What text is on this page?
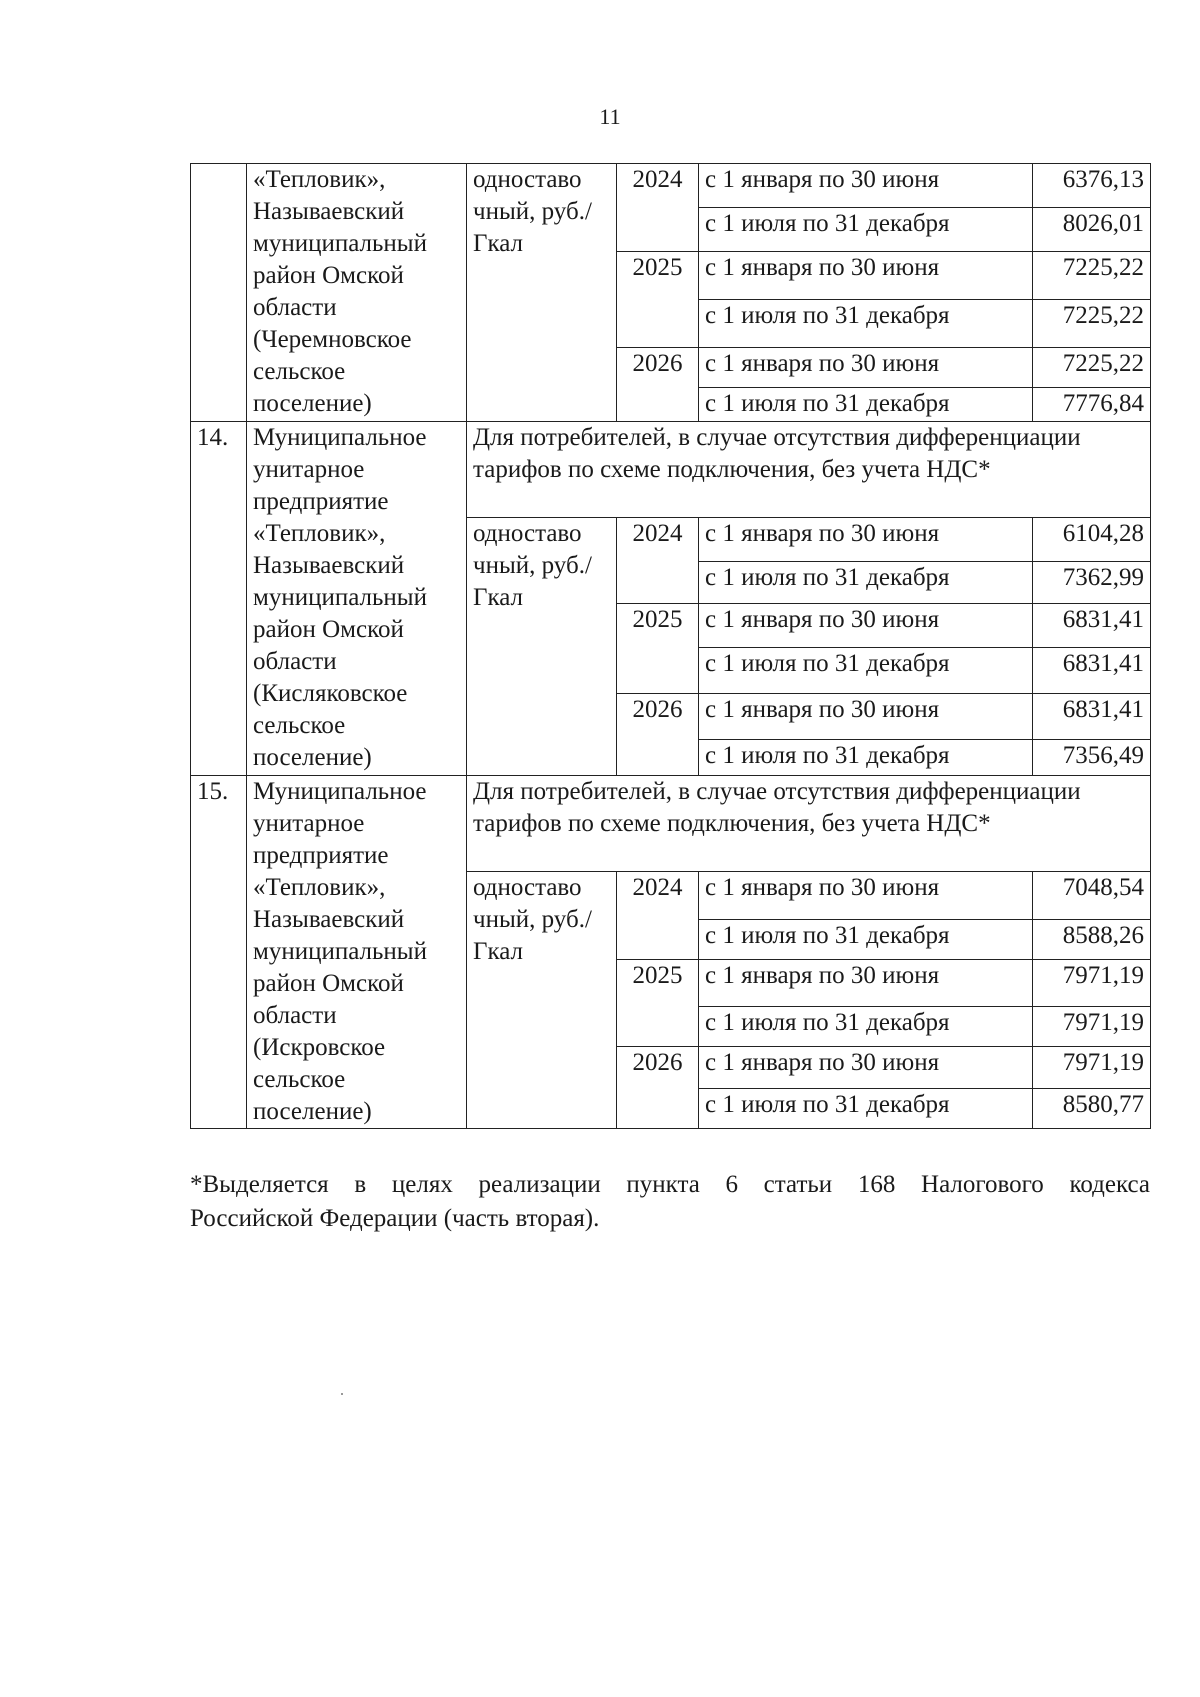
11
	«Тепловик», Называевский муниципальный район Омской области (Черемновское сельское поселение)	одноставо чный, руб./Гкал	2024	с 1 января по 30 июня	6376,13
				с 1 июля по 31 декабря	8026,01
			2025	с 1 января по 30 июня	7225,22
				с 1 июля по 31 декабря	7225,22
			2026	с 1 января по 30 июня	7225,22
				с 1 июля по 31 декабря	7776,84
14.	Муниципальное унитарное предприятие «Тепловик», Называевский муниципальный район Омской области (Кисляковское сельское поселение)	Для потребителей, в случае отсутствия дифференциации тарифов по схеме подключения, без учета НДС*			
		одноставо чный, руб./Гкал	2024	с 1 января по 30 июня	6104,28
				с 1 июля по 31 декабря	7362,99
			2025	с 1 января по 30 июня	6831,41
				с 1 июля по 31 декабря	6831,41
			2026	с 1 января по 30 июня	6831,41
				с 1 июля по 31 декабря	7356,49
15.	Муниципальное унитарное предприятие «Тепловик», Называевский муниципальный район Омской области (Искровское сельское поселение)	Для потребителей, в случае отсутствия дифференциации тарифов по схеме подключения, без учета НДС*			
		одноставо чный, руб./Гкал	2024	с 1 января по 30 июня	7048,54
				с 1 июля по 31 декабря	8588,26
			2025	с 1 января по 30 июня	7971,19
				с 1 июля по 31 декабря	7971,19
			2026	с 1 января по 30 июня	7971,19
				с 1 июля по 31 декабря	8580,77
*Выделяется в целях реализации пункта 6 статьи 168 Налогового кодекса
Российской Федерации (часть вторая).
